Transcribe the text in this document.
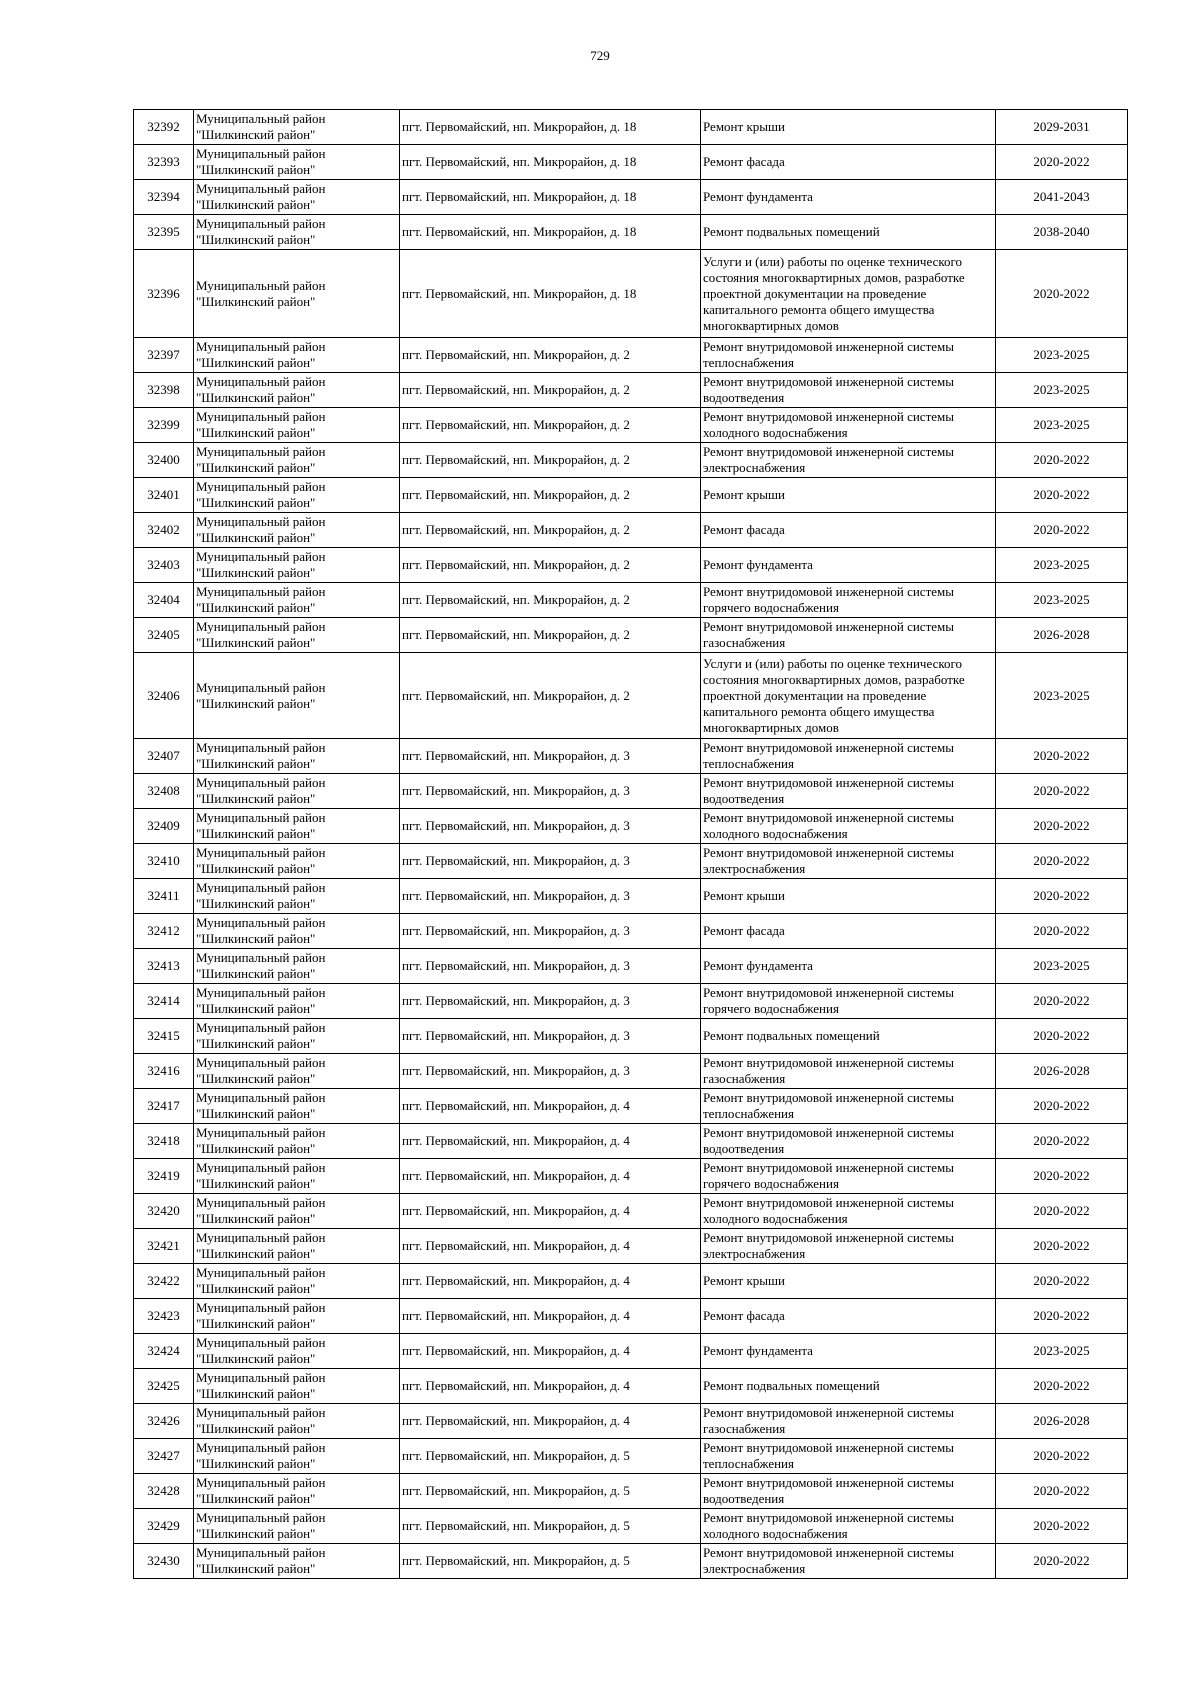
729
32392	Муниципальный район
"Шилкинский район"	пгт. Первомайский, нп. Микрорайон, д. 18	Ремонт крыши	2029-2031
32393	Муниципальный район
"Шилкинский район"	пгт. Первомайский, нп. Микрорайон, д. 18	Ремонт фасада	2020-2022
32394	Муниципальный район
"Шилкинский район"	пгт. Первомайский, нп. Микрорайон, д. 18	Ремонт фундамента	2041-2043
32395	Муниципальный район
"Шилкинский район"	пгт. Первомайский, нп. Микрорайон, д. 18	Ремонт подвальных помещений	2038-2040
32396	Муниципальный район
"Шилкинский район"	пгт. Первомайский, нп. Микрорайон, д. 18	Услуги и (или) работы по оценке технического
состояния многоквартирных домов, разработке
проектной документации на проведение
капитального ремонта общего имущества
многоквартирных домов	2020-2022
32397	Муниципальный район
"Шилкинский район"	пгт. Первомайский, нп. Микрорайон, д. 2	Ремонт внутридомовой инженерной системы
теплоснабжения	2023-2025
32398	Муниципальный район
"Шилкинский район"	пгт. Первомайский, нп. Микрорайон, д. 2	Ремонт внутридомовой инженерной системы
водоотведения	2023-2025
32399	Муниципальный район
"Шилкинский район"	пгт. Первомайский, нп. Микрорайон, д. 2	Ремонт внутридомовой инженерной системы
холодного водоснабжения	2023-2025
32400	Муниципальный район
"Шилкинский район"	пгт. Первомайский, нп. Микрорайон, д. 2	Ремонт внутридомовой инженерной системы
электроснабжения	2020-2022
32401	Муниципальный район
"Шилкинский район"	пгт. Первомайский, нп. Микрорайон, д. 2	Ремонт крыши	2020-2022
32402	Муниципальный район
"Шилкинский район"	пгт. Первомайский, нп. Микрорайон, д. 2	Ремонт фасада	2020-2022
32403	Муниципальный район
"Шилкинский район"	пгт. Первомайский, нп. Микрорайон, д. 2	Ремонт фундамента	2023-2025
32404	Муниципальный район
"Шилкинский район"	пгт. Первомайский, нп. Микрорайон, д. 2	Ремонт внутридомовой инженерной системы
горячего водоснабжения	2023-2025
32405	Муниципальный район
"Шилкинский район"	пгт. Первомайский, нп. Микрорайон, д. 2	Ремонт внутридомовой инженерной системы
газоснабжения	2026-2028
32406	Муниципальный район
"Шилкинский район"	пгт. Первомайский, нп. Микрорайон, д. 2	Услуги и (или) работы по оценке технического
состояния многоквартирных домов, разработке
проектной документации на проведение
капитального ремонта общего имущества
многоквартирных домов	2023-2025
32407	Муниципальный район
"Шилкинский район"	пгт. Первомайский, нп. Микрорайон, д. 3	Ремонт внутридомовой инженерной системы
теплоснабжения	2020-2022
32408	Муниципальный район
"Шилкинский район"	пгт. Первомайский, нп. Микрорайон, д. 3	Ремонт внутридомовой инженерной системы
водоотведения	2020-2022
32409	Муниципальный район
"Шилкинский район"	пгт. Первомайский, нп. Микрорайон, д. 3	Ремонт внутридомовой инженерной системы
холодного водоснабжения	2020-2022
32410	Муниципальный район
"Шилкинский район"	пгт. Первомайский, нп. Микрорайон, д. 3	Ремонт внутридомовой инженерной системы
электроснабжения	2020-2022
32411	Муниципальный район
"Шилкинский район"	пгт. Первомайский, нп. Микрорайон, д. 3	Ремонт крыши	2020-2022
32412	Муниципальный район
"Шилкинский район"	пгт. Первомайский, нп. Микрорайон, д. 3	Ремонт фасада	2020-2022
32413	Муниципальный район
"Шилкинский район"	пгт. Первомайский, нп. Микрорайон, д. 3	Ремонт фундамента	2023-2025
32414	Муниципальный район
"Шилкинский район"	пгт. Первомайский, нп. Микрорайон, д. 3	Ремонт внутридомовой инженерной системы
горячего водоснабжения	2020-2022
32415	Муниципальный район
"Шилкинский район"	пгт. Первомайский, нп. Микрорайон, д. 3	Ремонт подвальных помещений	2020-2022
32416	Муниципальный район
"Шилкинский район"	пгт. Первомайский, нп. Микрорайон, д. 3	Ремонт внутридомовой инженерной системы
газоснабжения	2026-2028
32417	Муниципальный район
"Шилкинский район"	пгт. Первомайский, нп. Микрорайон, д. 4	Ремонт внутридомовой инженерной системы
теплоснабжения	2020-2022
32418	Муниципальный район
"Шилкинский район"	пгт. Первомайский, нп. Микрорайон, д. 4	Ремонт внутридомовой инженерной системы
водоотведения	2020-2022
32419	Муниципальный район
"Шилкинский район"	пгт. Первомайский, нп. Микрорайон, д. 4	Ремонт внутридомовой инженерной системы
горячего водоснабжения	2020-2022
32420	Муниципальный район
"Шилкинский район"	пгт. Первомайский, нп. Микрорайон, д. 4	Ремонт внутридомовой инженерной системы
холодного водоснабжения	2020-2022
32421	Муниципальный район
"Шилкинский район"	пгт. Первомайский, нп. Микрорайон, д. 4	Ремонт внутридомовой инженерной системы
электроснабжения	2020-2022
32422	Муниципальный район
"Шилкинский район"	пгт. Первомайский, нп. Микрорайон, д. 4	Ремонт крыши	2020-2022
32423	Муниципальный район
"Шилкинский район"	пгт. Первомайский, нп. Микрорайон, д. 4	Ремонт фасада	2020-2022
32424	Муниципальный район
"Шилкинский район"	пгт. Первомайский, нп. Микрорайон, д. 4	Ремонт фундамента	2023-2025
32425	Муниципальный район
"Шилкинский район"	пгт. Первомайский, нп. Микрорайон, д. 4	Ремонт подвальных помещений	2020-2022
32426	Муниципальный район
"Шилкинский район"	пгт. Первомайский, нп. Микрорайон, д. 4	Ремонт внутридомовой инженерной системы
газоснабжения	2026-2028
32427	Муниципальный район
"Шилкинский район"	пгт. Первомайский, нп. Микрорайон, д. 5	Ремонт внутридомовой инженерной системы
теплоснабжения	2020-2022
32428	Муниципальный район
"Шилкинский район"	пгт. Первомайский, нп. Микрорайон, д. 5	Ремонт внутридомовой инженерной системы
водоотведения	2020-2022
32429	Муниципальный район
"Шилкинский район"	пгт. Первомайский, нп. Микрорайон, д. 5	Ремонт внутридомовой инженерной системы
холодного водоснабжения	2020-2022
32430	Муниципальный район
"Шилкинский район"	пгт. Первомайский, нп. Микрорайон, д. 5	Ремонт внутридомовой инженерной системы
электроснабжения	2020-2022
